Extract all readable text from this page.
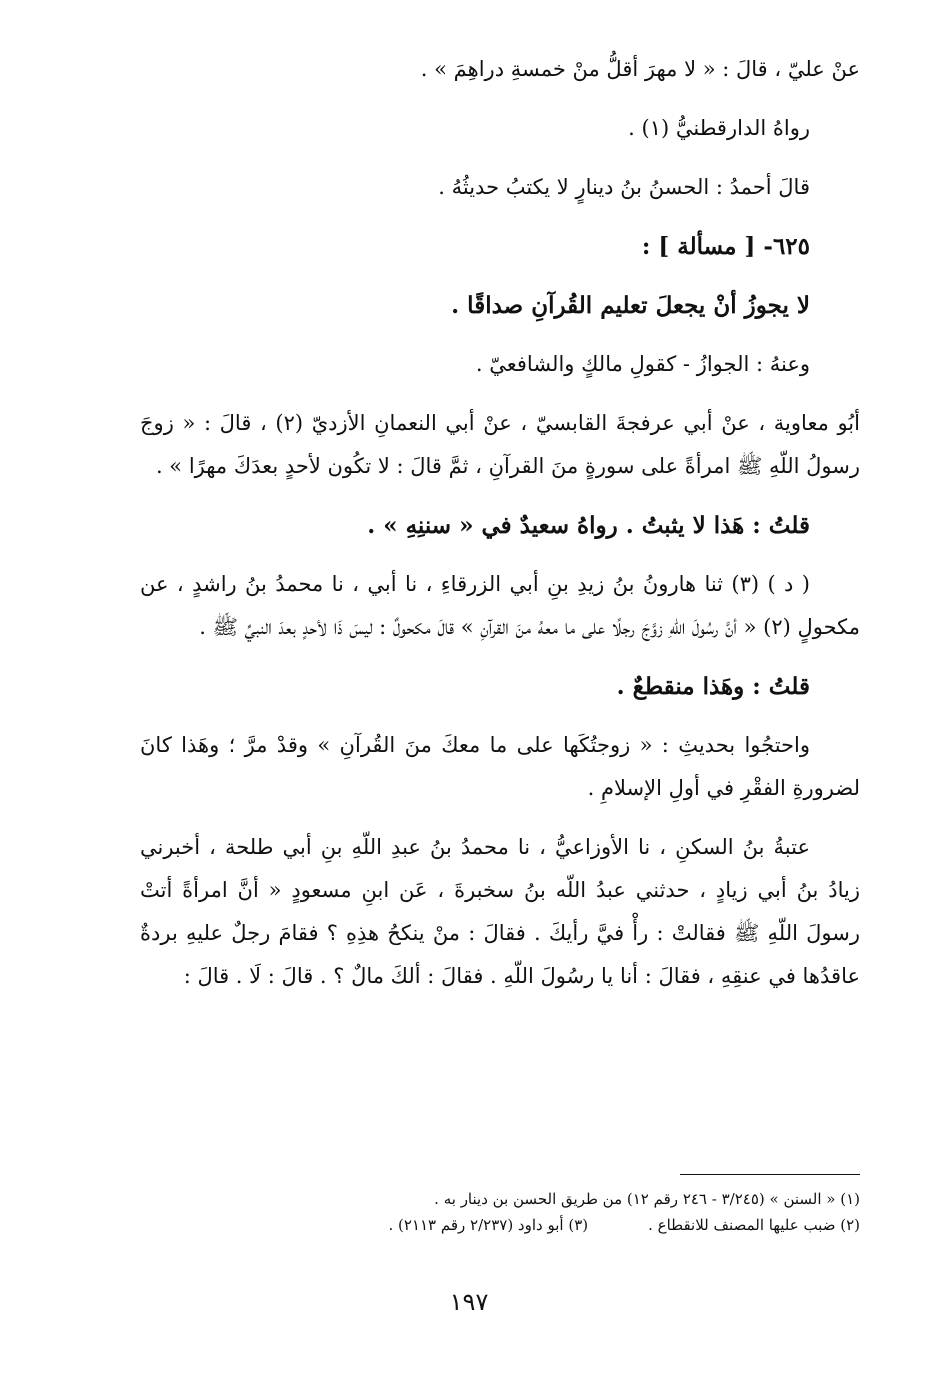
عنْ عليّ ، قالَ : « لا مهرَ أقلُّ منْ خمسةِ دراهِمَ » .

رواهُ الدارقطنيُّ (١) .

قالَ أحمدُ : الحسنُ بنُ دينارٍ لا يكتبُ حديثُهُ .

٦٢٥- [ مسألة ] :

لا يجوزُ أنْ يجعلَ تعليم القُرآنِ صداقًا .

وعنهُ : الجوازُ - كقولِ مالكٍ والشافعيّ .

أبُو معاوية ، عنْ أبي عرفجةَ القابسيّ ، عنْ أبي النعمانِ الأزديّ (٢) ، قالَ : « زوجَ رسولُ اللّهِ ﷺ امرأةً على سورةٍ منَ القرآنِ ، ثمَّ قالَ : لا تكُون لأحدٍ بعدَكَ مهرًا » .

قلتُ : هَذا لا يثبتُ . رواهُ سعيدٌ في « سننِهِ » .

( د ) (٣) ثنا هارونُ بنُ زيدِ بنِ أبي الزرقاءِ ، نا أبي ، نا محمدُ بنُ راشدٍ ، عن مكحولٍ (٢) « أنَّ رسُولَ اللّهِ زوَّجَ رجلًا على ما معهُ منَ القرآنِ » قالَ مكحولٌ : ليسَ ذَا لأحدٍ بعدَ النبيِّ ﷺ .

قلتُ : وهَذا منقطعٌ .

واحتجُوا بحديثِ : « زوجتُكَها على ما معكَ منَ القُرآنِ » وقدْ مرَّ ؛ وهَذا كانَ لضرورةِ الفقْرِ في أولِ الإسلامِ .

عتبةُ بنُ السكنِ ، نا الأوزاعيُّ ، نا محمدُ بنُ عبدِ اللّهِ بنِ أبي طلحة ، أخبرني زيادُ بنُ أبي زيادٍ ، حدثني عبدُ اللّه بنُ سخبرةَ ، عَن ابنِ مسعودٍ « أنَّ امرأةً أتتْ رسولَ اللّهِ ﷺ فقالتْ : رأْ فيَّ رأيكَ . فقالَ : منْ ينكحُ هذِهِ ؟ فقامَ رجلٌ عليهِ بردةٌ عاقدُها في عنقِهِ ، فقالَ : أنا يا رسُولَ اللّهِ . فقالَ : ألكَ مالٌ ؟ . قالَ : لَا . قالَ :

(١) « السنن » (٣/٢٤٥ - ٢٤٦ رقم ١٢) من طريق الحسن بن دينار به .
(٢) ضبب عليها المصنف للانقطاع .(٣) أبو داود (٢/٢٣٧ رقم ٢١١٣) .
١٩٧
